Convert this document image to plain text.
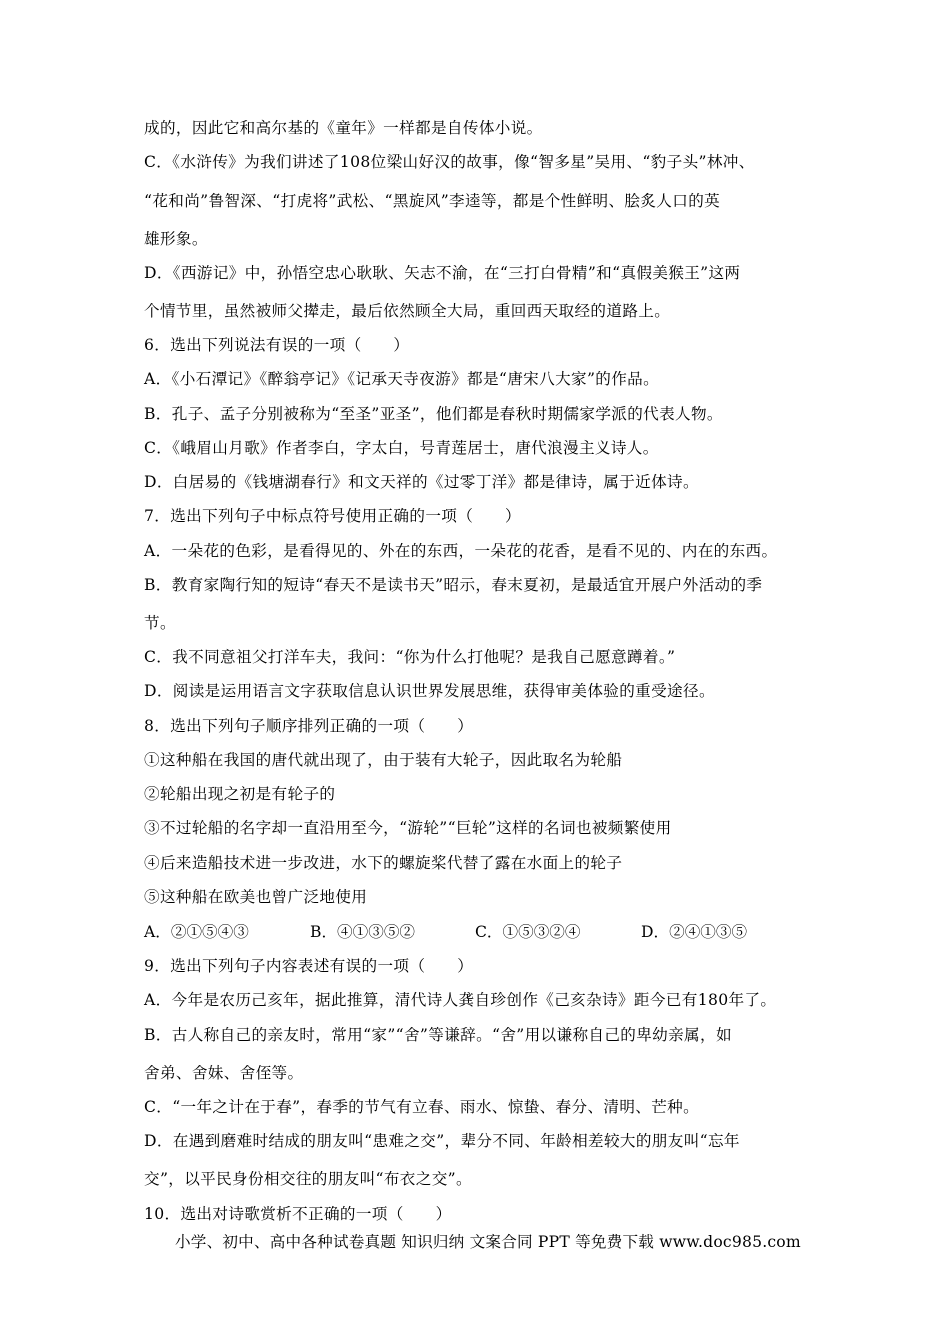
成的，因此它和高尔基的《童年》一样都是自传体小说。
C．《水浒传》为我们讲述了108位梁山好汉的故事，像“智多星”吴用、“豹子头”林冲、
“花和尚”鲁智深、“打虎将”武松、“黑旋风”李逵等，都是个性鲜明、脍炙人口的英
雄形象。
D．《西游记》中，孙悟空忠心耿耿、矢志不渝，在“三打白骨精”和“真假美猴王”这两
个情节里，虽然被师父撵走，最后依然顾全大局，重回西天取经的道路上。
6．选出下列说法有误的一项（　　）
A．《小石潭记》《醉翁亭记》《记承天寺夜游》都是“唐宋八大家”的作品。
B．孔子、孟子分别被称为“至圣”亚圣”，他们都是春秋时期儒家学派的代表人物。
C．《峨眉山月歌》作者李白，字太白，号青莲居士，唐代浪漫主义诗人。
D．白居易的《钱塘湖春行》和文天祥的《过零丁洋》都是律诗，属于近体诗。
7．选出下列句子中标点符号使用正确的一项（　　）
A．一朵花的色彩，是看得见的、外在的东西，一朵花的花香，是看不见的、内在的东西。
B．教育家陶行知的短诗“春天不是读书天”昭示，春末夏初，是最适宜开展户外活动的季
节。
C．我不同意祖父打洋车夫，我问：“你为什么打他呢？是我自己愿意蹲着。”
D．阅读是运用语言文字获取信息认识世界发展思维，获得审美体验的重受途径。
8．选出下列句子顺序排列正确的一项（　　）
①这种船在我国的唐代就出现了，由于装有大轮子，因此取名为轮船
②轮船出现之初是有轮子的
③不过轮船的名字却一直沿用至今，“游轮”“巨轮”这样的名词也被频繁使用
④后来造船技术进一步改进，水下的螺旋桨代替了露在水面上的轮子
⑤这种船在欧美也曾广泛地使用
A．②①⑤④③	B．④①③⑤②	C．①⑤③②④	D．②④①③⑤
9．选出下列句子内容表述有误的一项（　　）
A．今年是农历己亥年，据此推算，清代诗人龚自珍创作《己亥杂诗》距今已有180年了。
B．古人称自己的亲友时，常用“家”“舍”等谦辞。“舍”用以谦称自己的卑幼亲属，如
舍弟、舍妹、舍侄等。
C．“一年之计在于春”，春季的节气有立春、雨水、惊蛰、春分、清明、芒种。
D．在遇到磨难时结成的朋友叫“患难之交”，辈分不同、年龄相差较大的朋友叫“忘年
交”，以平民身份相交往的朋友叫“布衣之交”。
10．选出对诗歌赏析不正确的一项（　　）
小学、初中、高中各种试卷真题 知识归纳 文案合同 PPT 等免费下载 www.doc985.com
